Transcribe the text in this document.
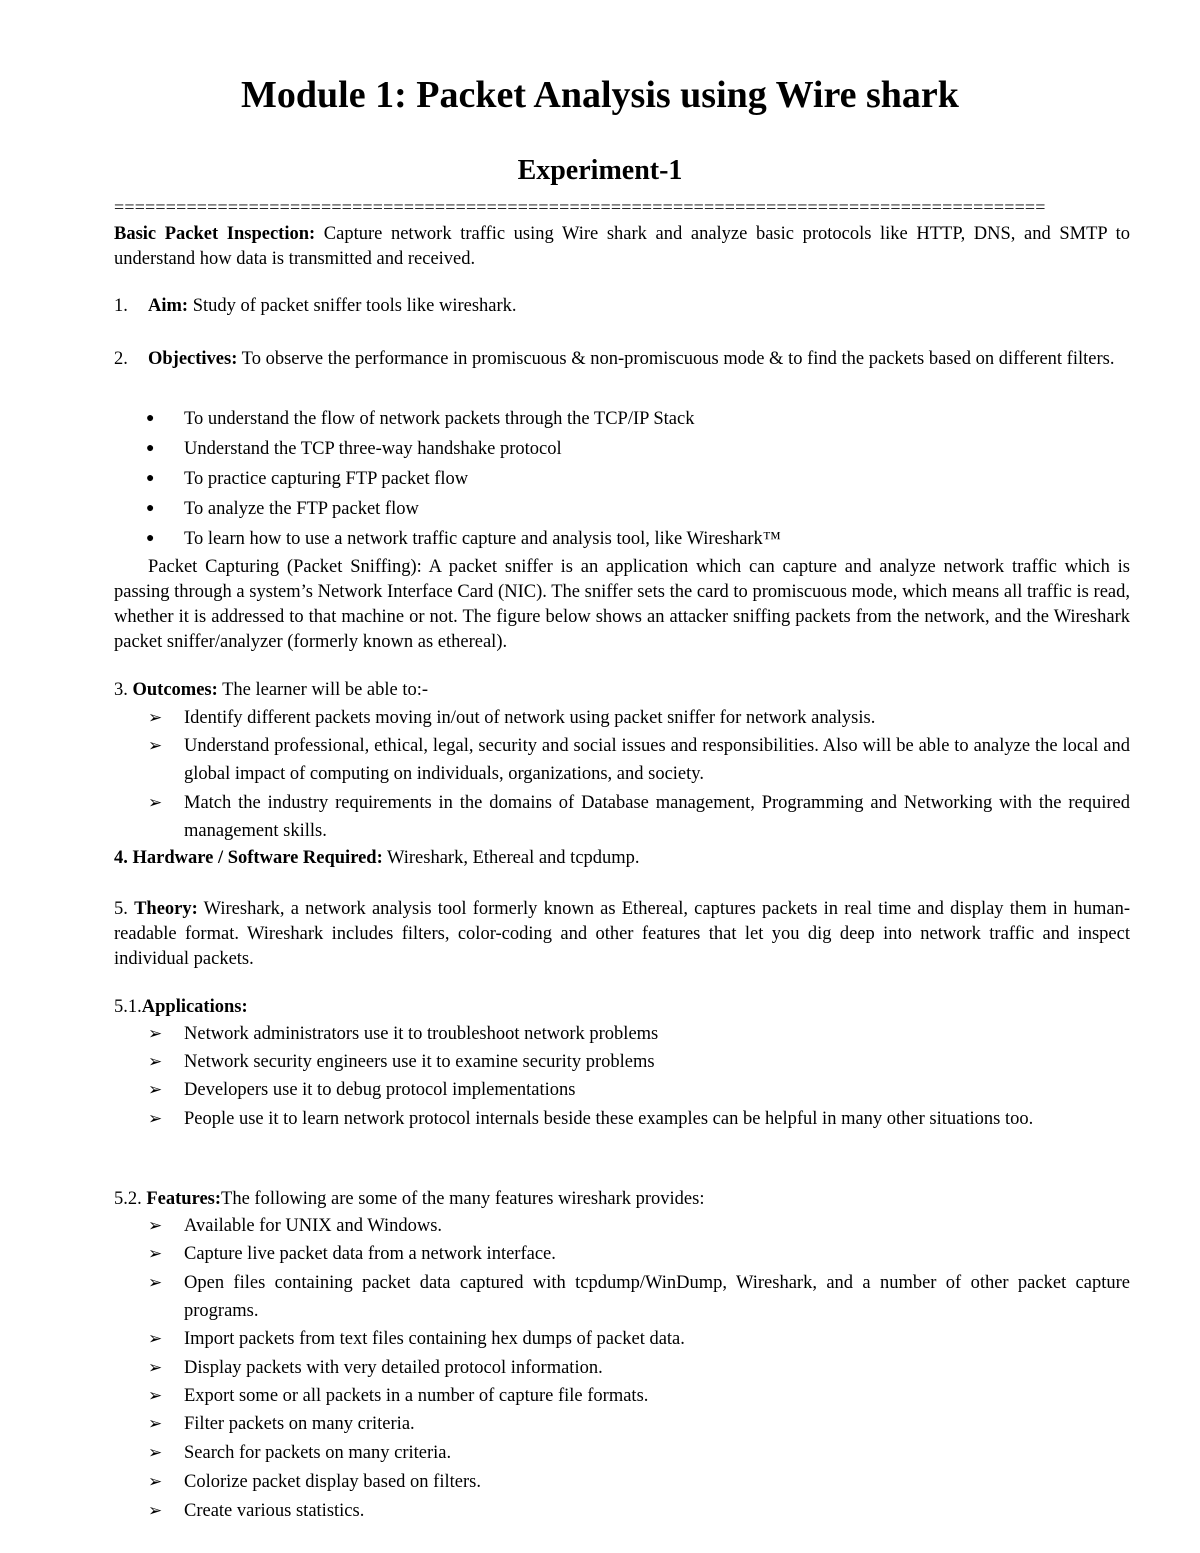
Module 1: Packet Analysis using Wire shark
Experiment-1
==========================================================================================
Basic Packet Inspection: Capture network traffic using Wire shark and analyze basic protocols like HTTP, DNS, and SMTP to understand how data is transmitted and received.
1.	Aim: Study of packet sniffer tools like wireshark.
2.	Objectives: To observe the performance in promiscuous & non-promiscuous mode & to find the packets based on different filters.
● To understand the flow of network packets through the TCP/IP Stack
● Understand the TCP three-way handshake protocol
● To practice capturing FTP packet flow
● To analyze the FTP packet flow
● To learn how to use a network traffic capture and analysis tool, like Wireshark™
Packet Capturing (Packet Sniffing): A packet sniffer is an application which can capture and analyze network traffic which is passing through a system’s Network Interface Card (NIC). The sniffer sets the card to promiscuous mode, which means all traffic is read, whether it is addressed to that machine or not. The figure below shows an attacker sniffing packets from the network, and the Wireshark packet sniffer/analyzer (formerly known as ethereal).
3. Outcomes: The learner will be able to:-
➢ Identify different packets moving in/out of network using packet sniffer for network analysis.
➢ Understand professional, ethical, legal, security and social issues and responsibilities. Also will be able to analyze the local and global impact of computing on individuals, organizations, and society.
➢ Match the industry requirements in the domains of Database management, Programming and Networking with the required management skills.
4. Hardware / Software Required: Wireshark, Ethereal and tcpdump.
5. Theory: Wireshark, a network analysis tool formerly known as Ethereal, captures packets in real time and display them in human-readable format. Wireshark includes filters, color-coding and other features that let you dig deep into network traffic and inspect individual packets.
5.1.Applications:
➢ Network administrators use it to troubleshoot network problems
➢ Network security engineers use it to examine security problems
➢ Developers use it to debug protocol implementations
➢ People use it to learn network protocol internals beside these examples can be helpful in many other situations too.
5.2. Features:The following are some of the many features wireshark provides:
➢ Available for UNIX and Windows.
➢ Capture live packet data from a network interface.
➢ Open files containing packet data captured with tcpdump/WinDump, Wireshark, and a number of other packet capture programs.
➢ Import packets from text files containing hex dumps of packet data.
➢ Display packets with very detailed protocol information.
➢ Export some or all packets in a number of capture file formats.
➢ Filter packets on many criteria.
➢ Search for packets on many criteria.
➢ Colorize packet display based on filters.
➢ Create various statistics.
